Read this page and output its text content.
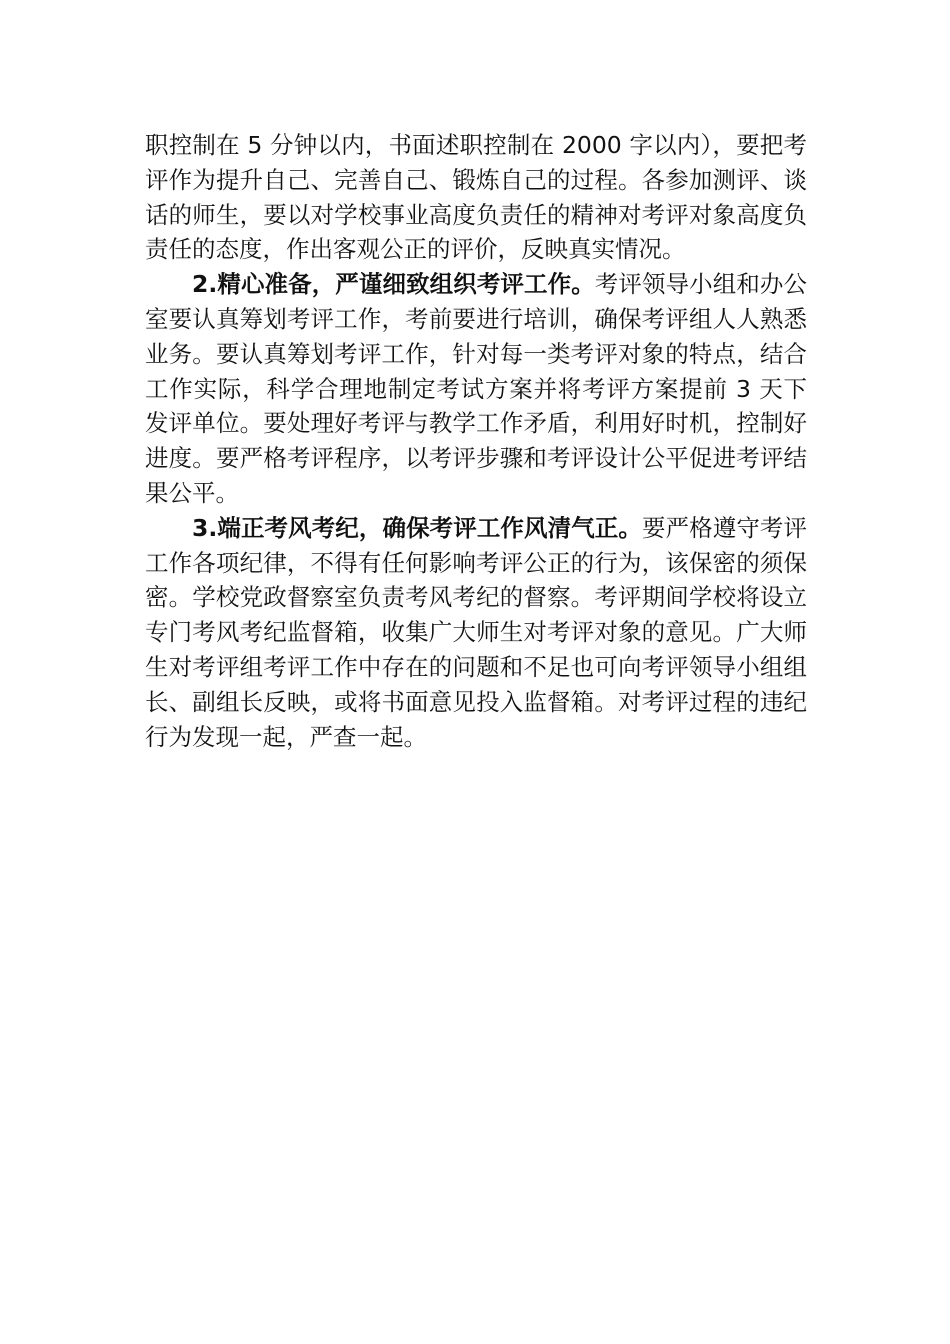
职控制在 5 分钟以内，书面述职控制在 2000 字以内），要把考评作为提升自己、完善自己、锻炼自己的过程。各参加测评、谈话的师生，要以对学校事业高度负责任的精神对考评对象高度负责任的态度，作出客观公正的评价，反映真实情况。

2.精心准备，严谨细致组织考评工作。考评领导小组和办公室要认真筹划考评工作，考前要进行培训，确保考评组人人熟悉业务。要认真筹划考评工作，针对每一类考评对象的特点，结合工作实际，科学合理地制定考试方案并将考评方案提前 3 天下发评单位。要处理好考评与教学工作矛盾，利用好时机，控制好进度。要严格考评程序，以考评步骤和考评设计公平促进考评结果公平。

3.端正考风考纪，确保考评工作风清气正。要严格遵守考评工作各项纪律，不得有任何影响考评公正的行为，该保密的须保密。学校党政督察室负责考风考纪的督察。考评期间学校将设立专门考风考纪监督箱，收集广大师生对考评对象的意见。广大师生对考评组考评工作中存在的问题和不足也可向考评领导小组组长、副组长反映，或将书面意见投入监督箱。对考评过程的违纪行为发现一起，严查一起。
